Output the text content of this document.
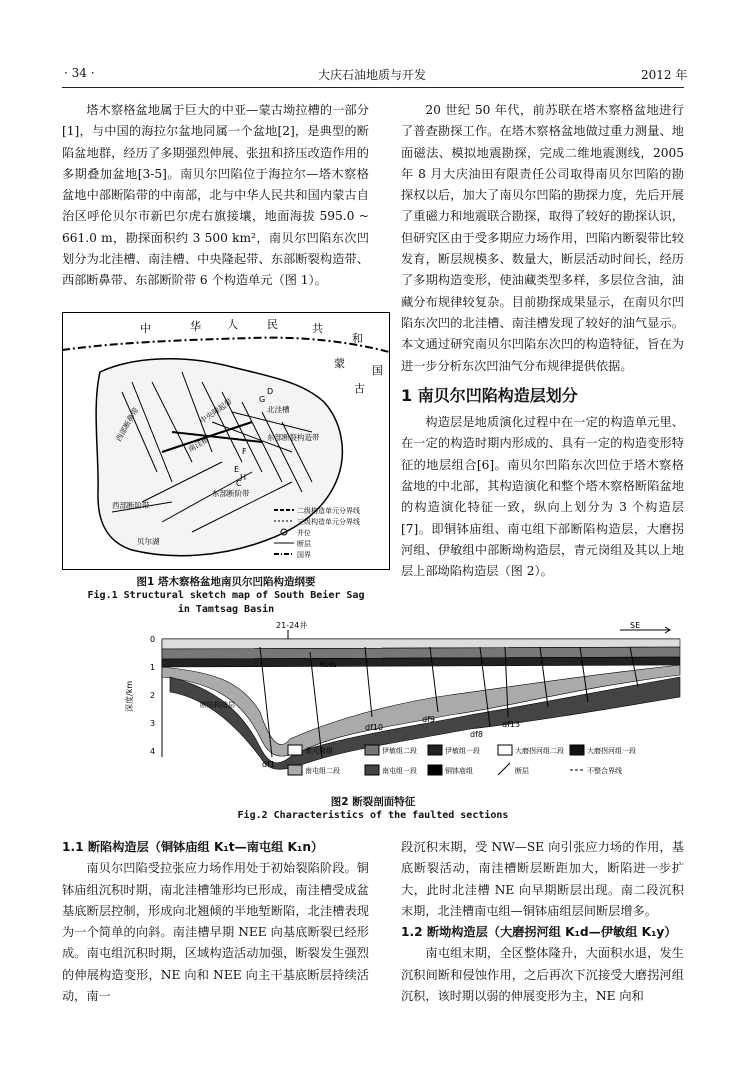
· 34 ·	大庆石油地质与开发	2012 年

塔木察格盆地属于巨大的中亚—蒙古坳拉槽的一部分[1]，与中国的海拉尔盆地同属一个盆地[2]，是典型的断陷盆地群，经历了多期强烈伸展、张扭和挤压改造作用的多期叠加盆地[3-5]。南贝尔凹陷位于海拉尔—塔木察格盆地中部断陷带的中南部，北与中华人民共和国内蒙古自治区呼伦贝尔市新巴尔虎右旗接壤，地面海拔 595.0 ~ 661.0 m，勘探面积约 3 500 km²，南贝尔凹陷东次凹划分为北洼槽、南洼槽、中央隆起带、东部断裂构造带、西部断鼻带、东部断阶带 6 个构造单元（图 1）。

20 世纪 50 年代，前苏联在塔木察格盆地进行了普查勘探工作。在塔木察格盆地做过重力测量、地面磁法、模拟地震勘探，完成二维地震测线，2005 年 8 月大庆油田有限责任公司取得南贝尔凹陷的勘探权以后，加大了南贝尔凹陷的勘探力度，先后开展了重磁力和地震联合勘探，取得了较好的勘探认识，但研究区由于受多期应力场作用，凹陷内断裂带比较发育，断层规模多、数量大，断层活动时间长，经历了多期构造变形，使油藏类型多样，多层位含油，油藏分布规律较复杂。目前勘探成果显示，在南贝尔凹陷东次凹的北洼槽、南洼槽发现了较好的油气显示。本文通过研究南贝尔凹陷东次凹的构造特征，旨在为进一步分析东次凹油气分布规律提供依据。

1 南贝尔凹陷构造层划分

构造层是地质演化过程中在一定的构造单元里、在一定的构造时期内形成的、具有一定的构造变形特征的地层组合[6]。南贝尔凹陷东次凹位于塔木察格盆地的中北部，其构造演化和整个塔木察格断陷盆地的构造演化特征一致，纵向上划分为 3 个构造层[7]。即铜钵庙组、南屯组下部断陷构造层，大磨拐河组、伊敏组中部断坳构造层，青元岗组及其以上地层上部坳陷构造层（图 2）。

中	华 人	民	共
和
国
蒙
古
西部断鼻带	北洼槽
中央隆起带
东部断裂构造带
南洼槽
东部断阶带
西部断阶带
贝尔湖
G
D
E
H
F
C
二级构造单元分界线
三级构造单元分界线
井位
断层
国界
图1 塔木察格盆地南贝尔凹陷构造纲要
Fig.1 Structural sketch map of South Beier Sag
in Tamtsag Basin
21-24井	SE
0
1
2
3
4
深度/km
K₁d₂
断陷构造层
df1
df10
df9
df8
df13
青元岗组	伊敏组二段	伊敏组一段	大磨拐河组二段	大磨拐河组一段
南屯组二段	南屯组一段	铜钵庙组	断层	不整合界线
图2 断裂剖面特征
Fig.2 Characteristics of the faulted sections
1.1 断陷构造层（铜钵庙组 K₁t—南屯组 K₁n）

南贝尔凹陷受拉张应力场作用处于初始裂陷阶段。铜钵庙组沉积时期，南北洼槽雏形均已形成，南洼槽受成盆基底断层控制，形成向北翘倾的半地堑断陷，北洼槽表现为一个简单的向斜。南洼槽早期 NEE 向基底断裂已经形成。南屯组沉积时期，区域构造活动加强，断裂发生强烈的伸展构造变形，NE 向和 NEE 向主干基底断层持续活动，南一

段沉积末期，受 NW—SE 向引张应力场的作用，基底断裂活动，南洼槽断层断距加大，断陷进一步扩大，此时北洼槽 NE 向早期断层出现。南二段沉积末期，北洼槽南屯组—铜钵庙组层间断层增多。

1.2 断坳构造层（大磨拐河组 K₁d—伊敏组 K₁y）

南屯组末期，全区整体隆升，大面积水退，发生沉积间断和侵蚀作用，之后再次下沉接受大磨拐河组沉积，该时期以弱的伸展变形为主，NE 向和
